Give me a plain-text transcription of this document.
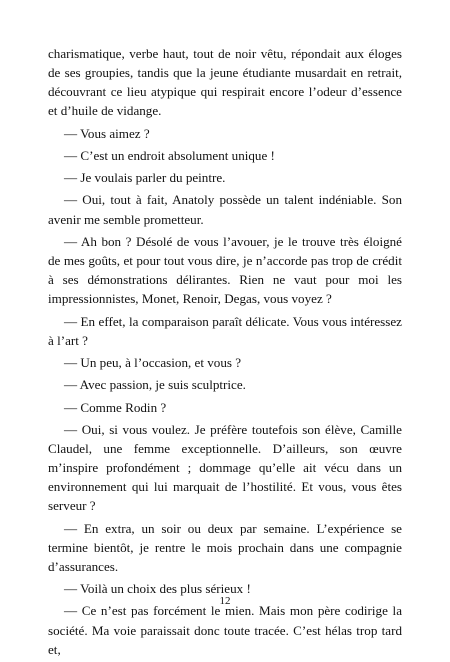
charismatique, verbe haut, tout de noir vêtu, répondait aux éloges de ses groupies, tandis que la jeune étudiante musardait en retrait, découvrant ce lieu atypique qui respirait encore l’odeur d’essence et d’huile de vidange.

— Vous aimez ?

— C’est un endroit absolument unique !

— Je voulais parler du peintre.

— Oui, tout à fait, Anatoly possède un talent indéniable. Son avenir me semble prometteur.

— Ah bon ? Désolé de vous l’avouer, je le trouve très éloigné de mes goûts, et pour tout vous dire, je n’accorde pas trop de crédit à ses démonstrations délirantes. Rien ne vaut pour moi les impressionnistes, Monet, Renoir, Degas, vous voyez ?

— En effet, la comparaison paraît délicate. Vous vous intéressez à l’art ?

— Un peu, à l’occasion, et vous ?

— Avec passion, je suis sculptrice.

— Comme Rodin ?

— Oui, si vous voulez. Je préfère toutefois son élève, Camille Claudel, une femme exceptionnelle. D’ailleurs, son œuvre m’inspire profondément ; dommage qu’elle ait vécu dans un environnement qui lui marquait de l’hostilité. Et vous, vous êtes serveur ?

— En extra, un soir ou deux par semaine. L’expérience se termine bientôt, je rentre le mois prochain dans une compagnie d’assurances.

— Voilà un choix des plus sérieux !

— Ce n’est pas forcément le mien. Mais mon père codirige la société. Ma voie paraissait donc toute tracée. C’est hélas trop tard et,

12
